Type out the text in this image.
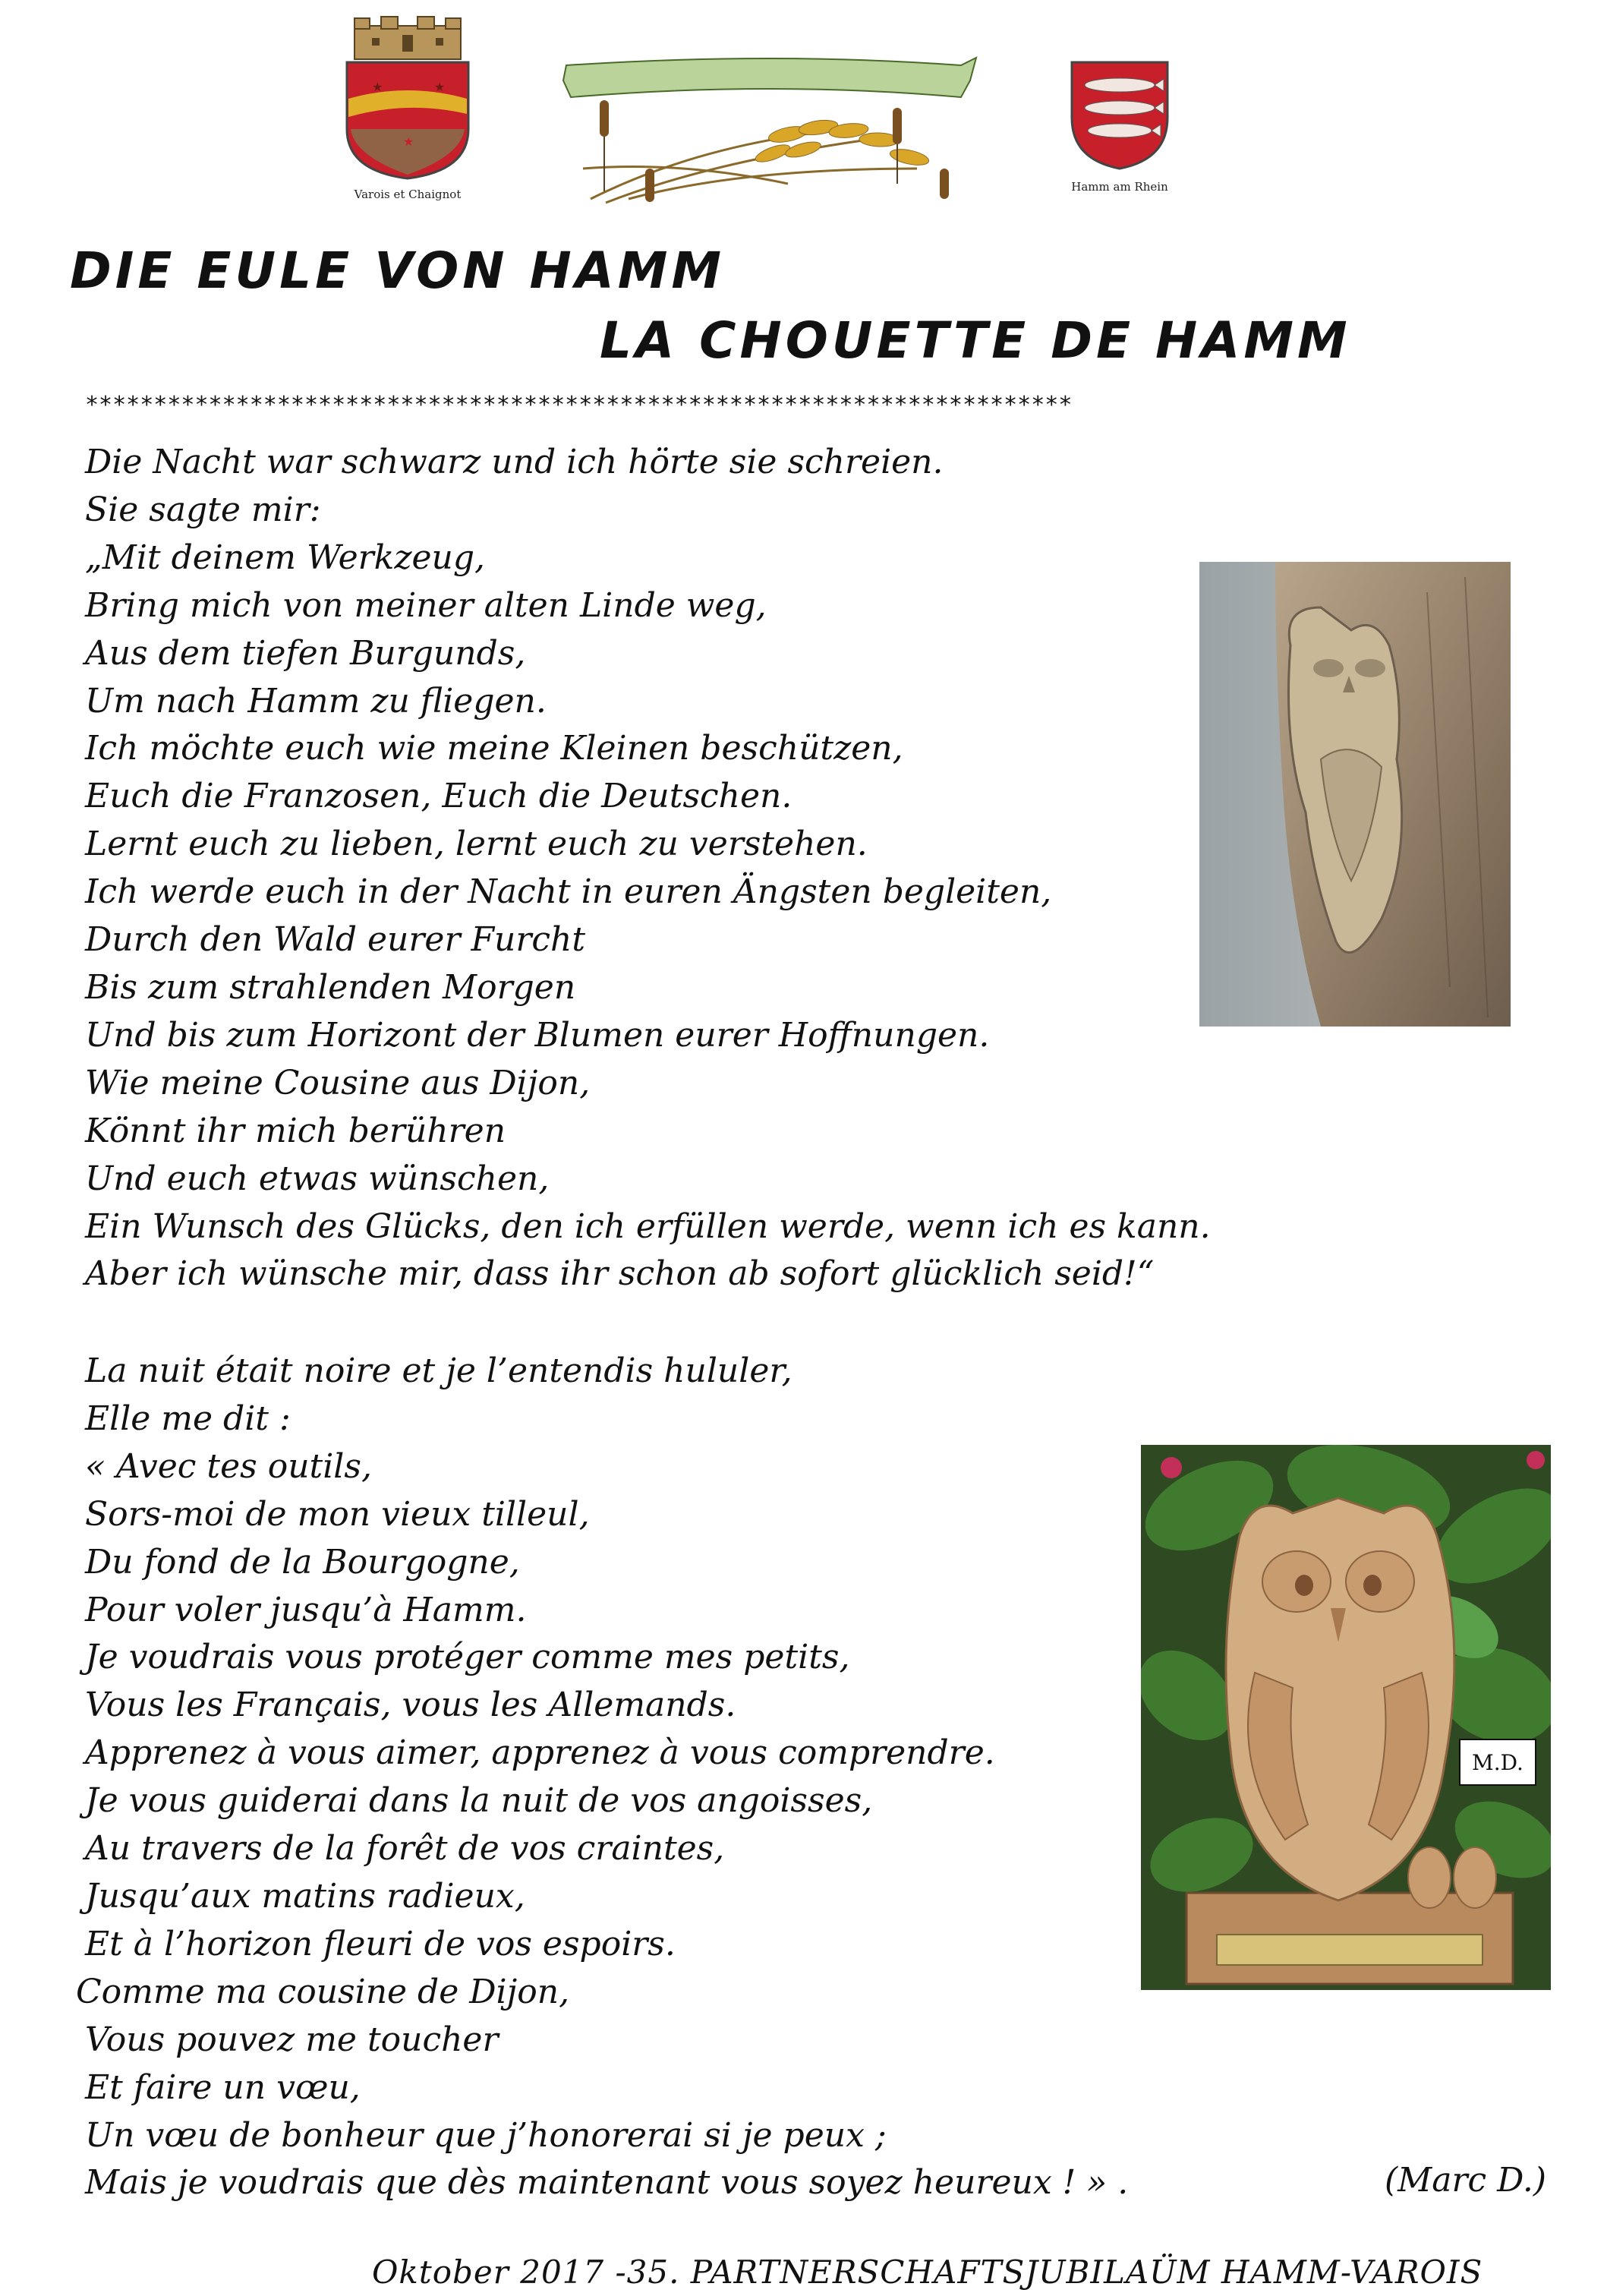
★	★
★
Varois et Chaignot
Hamm am Rhein
DIE EULE VON HAMM
LA CHOUETTE DE HAMM
************************************************************************
Die Nacht war schwarz und ich hörte sie schreien.
Sie sagte mir:
„Mit deinem Werkzeug,
Bring mich von meiner alten Linde weg,
Aus dem tiefen Burgunds,
Um nach Hamm zu fliegen.
Ich möchte euch wie meine Kleinen beschützen,
Euch die Franzosen, Euch die Deutschen.
Lernt euch zu lieben, lernt euch zu verstehen.
Ich werde euch in der Nacht in euren Ängsten begleiten,
Durch den Wald eurer Furcht
Bis zum strahlenden Morgen
Und bis zum Horizont der Blumen eurer Hoffnungen.
Wie meine Cousine aus Dijon,
Könnt ihr mich berühren
Und euch etwas wünschen,
Ein Wunsch des Glücks, den ich erfüllen werde, wenn ich es kann.
Aber ich wünsche mir, dass ihr schon ab sofort glücklich seid!“
La nuit était noire et je l’entendis hululer,
Elle me dit :
« Avec tes outils,
Sors-moi de mon vieux tilleul,
Du fond de la Bourgogne,
Pour voler jusqu’à Hamm.
Je voudrais vous protéger comme mes petits,
Vous les Français, vous les Allemands.
Apprenez à vous aimer, apprenez à vous comprendre.
Je vous guiderai dans la nuit de vos angoisses,
Au travers de la forêt de vos craintes,
Jusqu’aux matins radieux,
Et à l’horizon fleuri de vos espoirs.
Comme ma cousine de Dijon,
Vous pouvez me toucher
Et faire un vœu,
Un vœu de bonheur que j’honorerai si je peux ;
Mais je voudrais que dès maintenant vous soyez heureux ! » .	(Marc D.)
M.D.
Oktober 2017 -35. PARTNERSCHAFTSJUBILAÜM HAMM-VAROIS
